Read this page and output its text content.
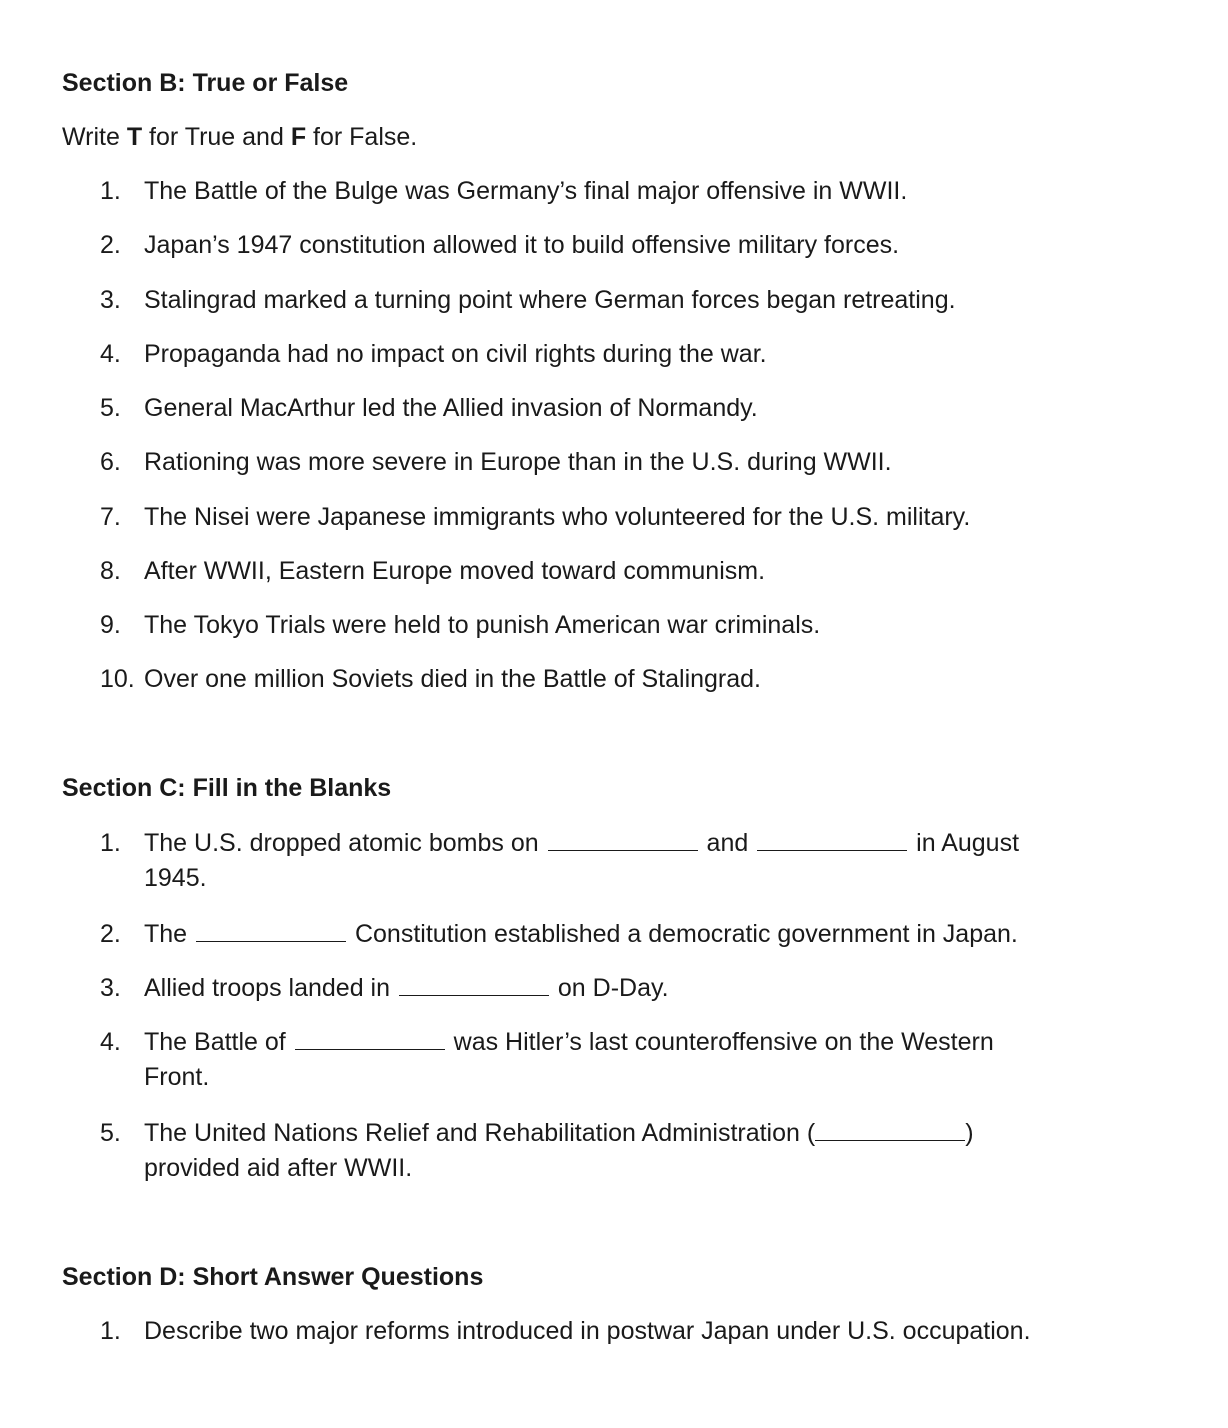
Section B: True or False
Write T for True and F for False.
1. The Battle of the Bulge was Germany’s final major offensive in WWII.
2. Japan’s 1947 constitution allowed it to build offensive military forces.
3. Stalingrad marked a turning point where German forces began retreating.
4. Propaganda had no impact on civil rights during the war.
5. General MacArthur led the Allied invasion of Normandy.
6. Rationing was more severe in Europe than in the U.S. during WWII.
7. The Nisei were Japanese immigrants who volunteered for the U.S. military.
8. After WWII, Eastern Europe moved toward communism.
9. The Tokyo Trials were held to punish American war criminals.
10. Over one million Soviets died in the Battle of Stalingrad.
Section C: Fill in the Blanks
1. The U.S. dropped atomic bombs on	and	in August
1945.
2. The	Constitution established a democratic government in Japan.
3. Allied troops landed in	on D-Day.
4. The Battle of	was Hitler’s last counteroffensive on the Western
Front.
5. The United Nations Relief and Rehabilitation Administration (	)
provided aid after WWII.
Section D: Short Answer Questions
1. Describe two major reforms introduced in postwar Japan under U.S. occupation.
